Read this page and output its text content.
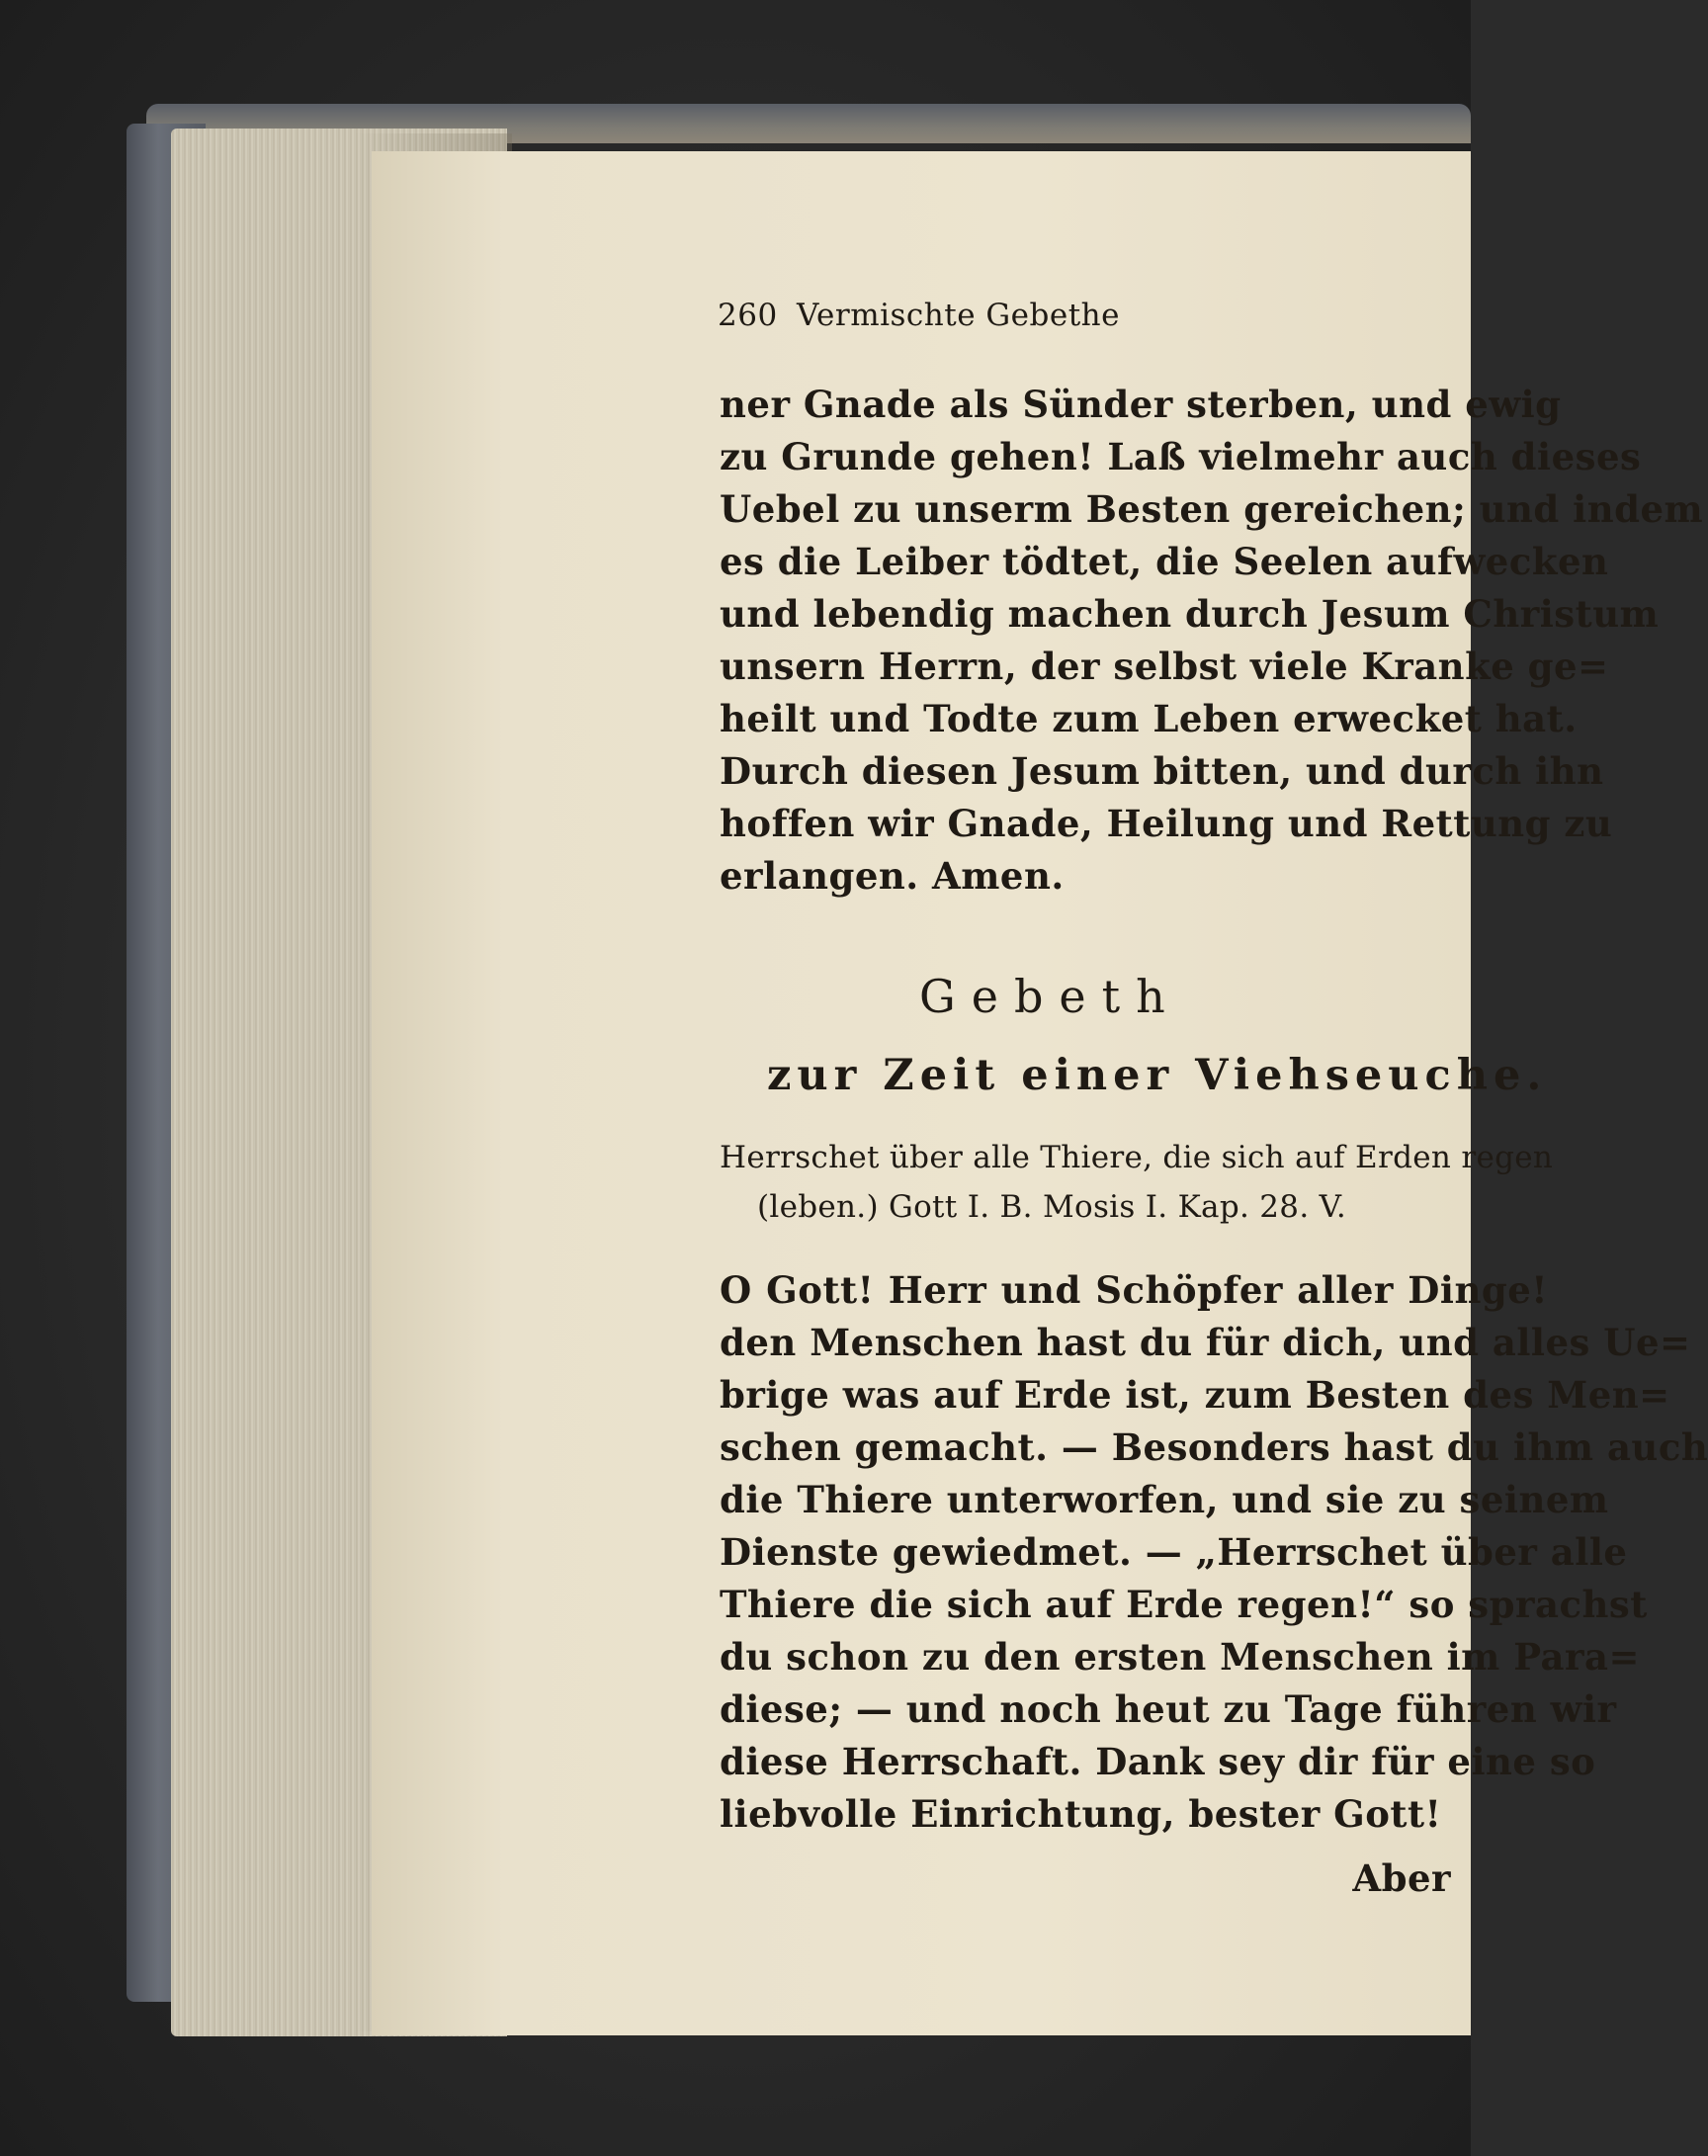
260 Vermischte Gebethe
ner Gnade als Sünder sterben, und ewig
zu Grunde gehen! Laß vielmehr auch dieses
Uebel zu unserm Besten gereichen; und indem
es die Leiber tödtet, die Seelen aufwecken
und lebendig machen durch Jesum Christum
unsern Herrn, der selbst viele Kranke ge=
heilt und Todte zum Leben erwecket hat.
Durch diesen Jesum bitten, und durch ihn
hoffen wir Gnade, Heilung und Rettung zu
erlangen. Amen.
Gebeth
zur Zeit einer Viehseuche.
Herrschet über alle Thiere, die sich auf Erden regen
(leben.) Gott I. B. Mosis I. Kap. 28. V.
O Gott! Herr und Schöpfer aller Dinge!
den Menschen hast du für dich, und alles Ue=
brige was auf Erde ist, zum Besten des Men=
schen gemacht. — Besonders hast du ihm auch
die Thiere unterworfen, und sie zu seinem
Dienste gewiedmet. — „Herrschet über alle
Thiere die sich auf Erde regen!“ so sprachst
du schon zu den ersten Menschen im Para=
diese; — und noch heut zu Tage führen wir
diese Herrschaft. Dank sey dir für eine so
liebvolle Einrichtung, bester Gott!
Aber
